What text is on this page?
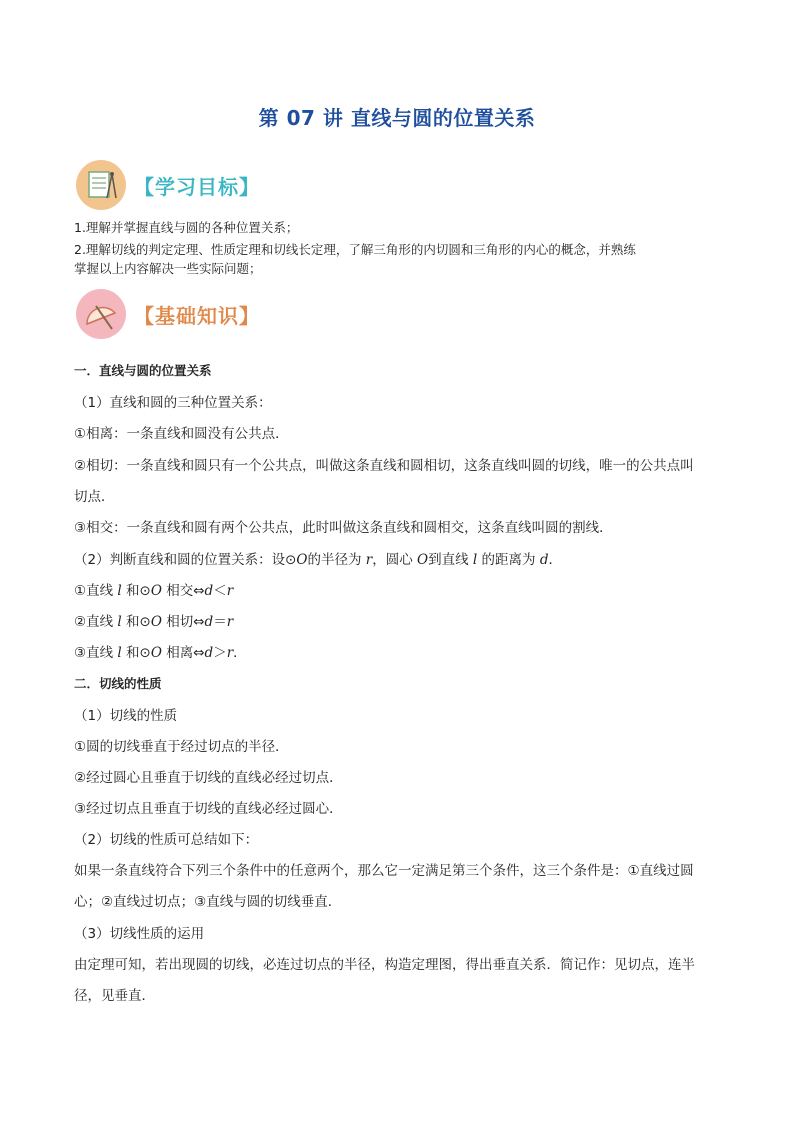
第 07 讲 直线与圆的位置关系
【学习目标】
1.理解并掌握直线与圆的各种位置关系；
2.理解切线的判定定理、性质定理和切线长定理，了解三角形的内切圆和三角形的内心的概念，并熟练
掌握以上内容解决一些实际问题；
【基础知识】
一．直线与圆的位置关系
（1）直线和圆的三种位置关系：
①相离：一条直线和圆没有公共点．
②相切：一条直线和圆只有一个公共点，叫做这条直线和圆相切，这条直线叫圆的切线，唯一的公共点叫
切点．
③相交：一条直线和圆有两个公共点，此时叫做这条直线和圆相交，这条直线叫圆的割线．
（2）判断直线和圆的位置关系：设⊙O的半径为 r，圆心 O到直线 l 的距离为 d．
①直线 l 和⊙O 相交⇔d＜r
②直线 l 和⊙O 相切⇔d＝r
③直线 l 和⊙O 相离⇔d＞r．
二．切线的性质
（1）切线的性质
①圆的切线垂直于经过切点的半径．
②经过圆心且垂直于切线的直线必经过切点．
③经过切点且垂直于切线的直线必经过圆心．
（2）切线的性质可总结如下：
如果一条直线符合下列三个条件中的任意两个，那么它一定满足第三个条件，这三个条件是：①直线过圆
心；②直线过切点；③直线与圆的切线垂直．
（3）切线性质的运用
由定理可知，若出现圆的切线，必连过切点的半径，构造定理图，得出垂直关系．简记作：见切点，连半
径，见垂直．
